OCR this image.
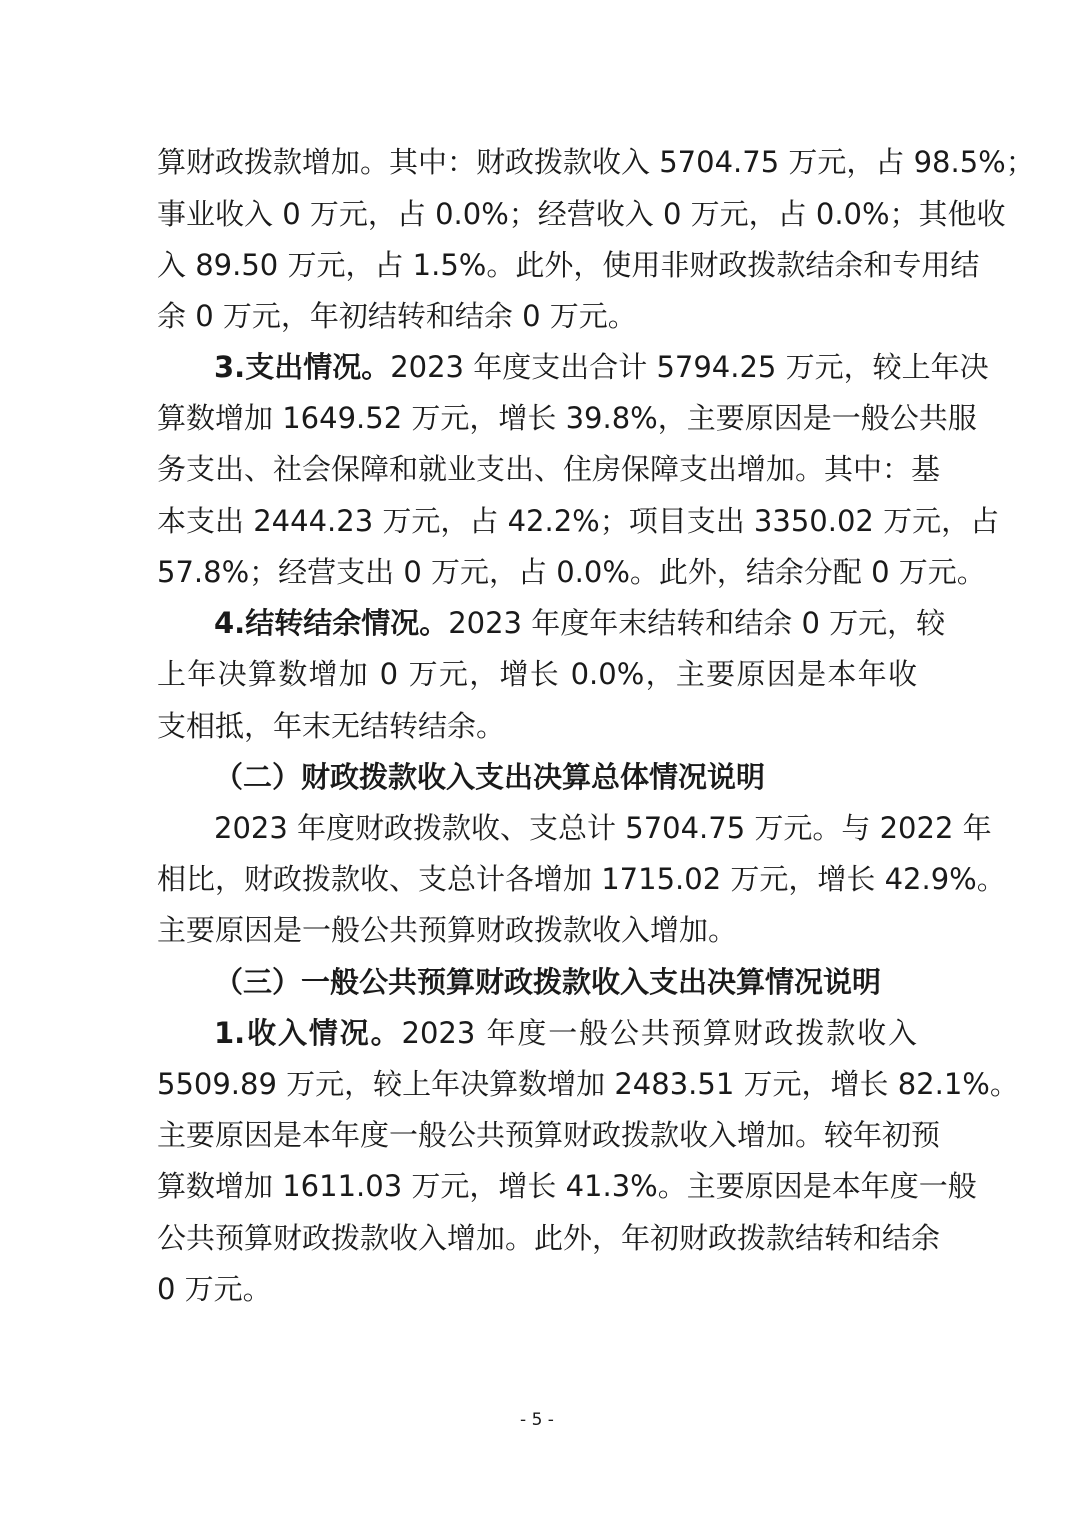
算财政拨款增加。其中：财政拨款收入 5704.75 万元，占 98.5%；
事业收入 0 万元，占 0.0%；经营收入 0 万元，占 0.0%；其他收
入 89.50 万元，占 1.5%。此外，使用非财政拨款结余和专用结
余 0 万元，年初结转和结余 0 万元。
3.支出情况。2023 年度支出合计 5794.25 万元，较上年决
算数增加 1649.52 万元，增长 39.8%，主要原因是一般公共服
务支出、社会保障和就业支出、住房保障支出增加。其中：基
本支出 2444.23 万元，占 42.2%；项目支出 3350.02 万元，占
57.8%；经营支出 0 万元，占 0.0%。此外，结余分配 0 万元。
4.结转结余情况。2023 年度年末结转和结余 0 万元，较
上年决算数增加 0 万元，增长 0.0%，主要原因是本年收
支相抵，年末无结转结余。
（二）财政拨款收入支出决算总体情况说明
2023 年度财政拨款收、支总计 5704.75 万元。与 2022 年
相比，财政拨款收、支总计各增加 1715.02 万元，增长 42.9%。
主要原因是一般公共预算财政拨款收入增加。
（三）一般公共预算财政拨款收入支出决算情况说明
1.收入情况。2023 年度一般公共预算财政拨款收入
5509.89 万元，较上年决算数增加 2483.51 万元，增长 82.1%。
主要原因是本年度一般公共预算财政拨款收入增加。较年初预
算数增加 1611.03 万元，增长 41.3%。主要原因是本年度一般
公共预算财政拨款收入增加。此外，年初财政拨款结转和结余
0 万元。
- 5 -
